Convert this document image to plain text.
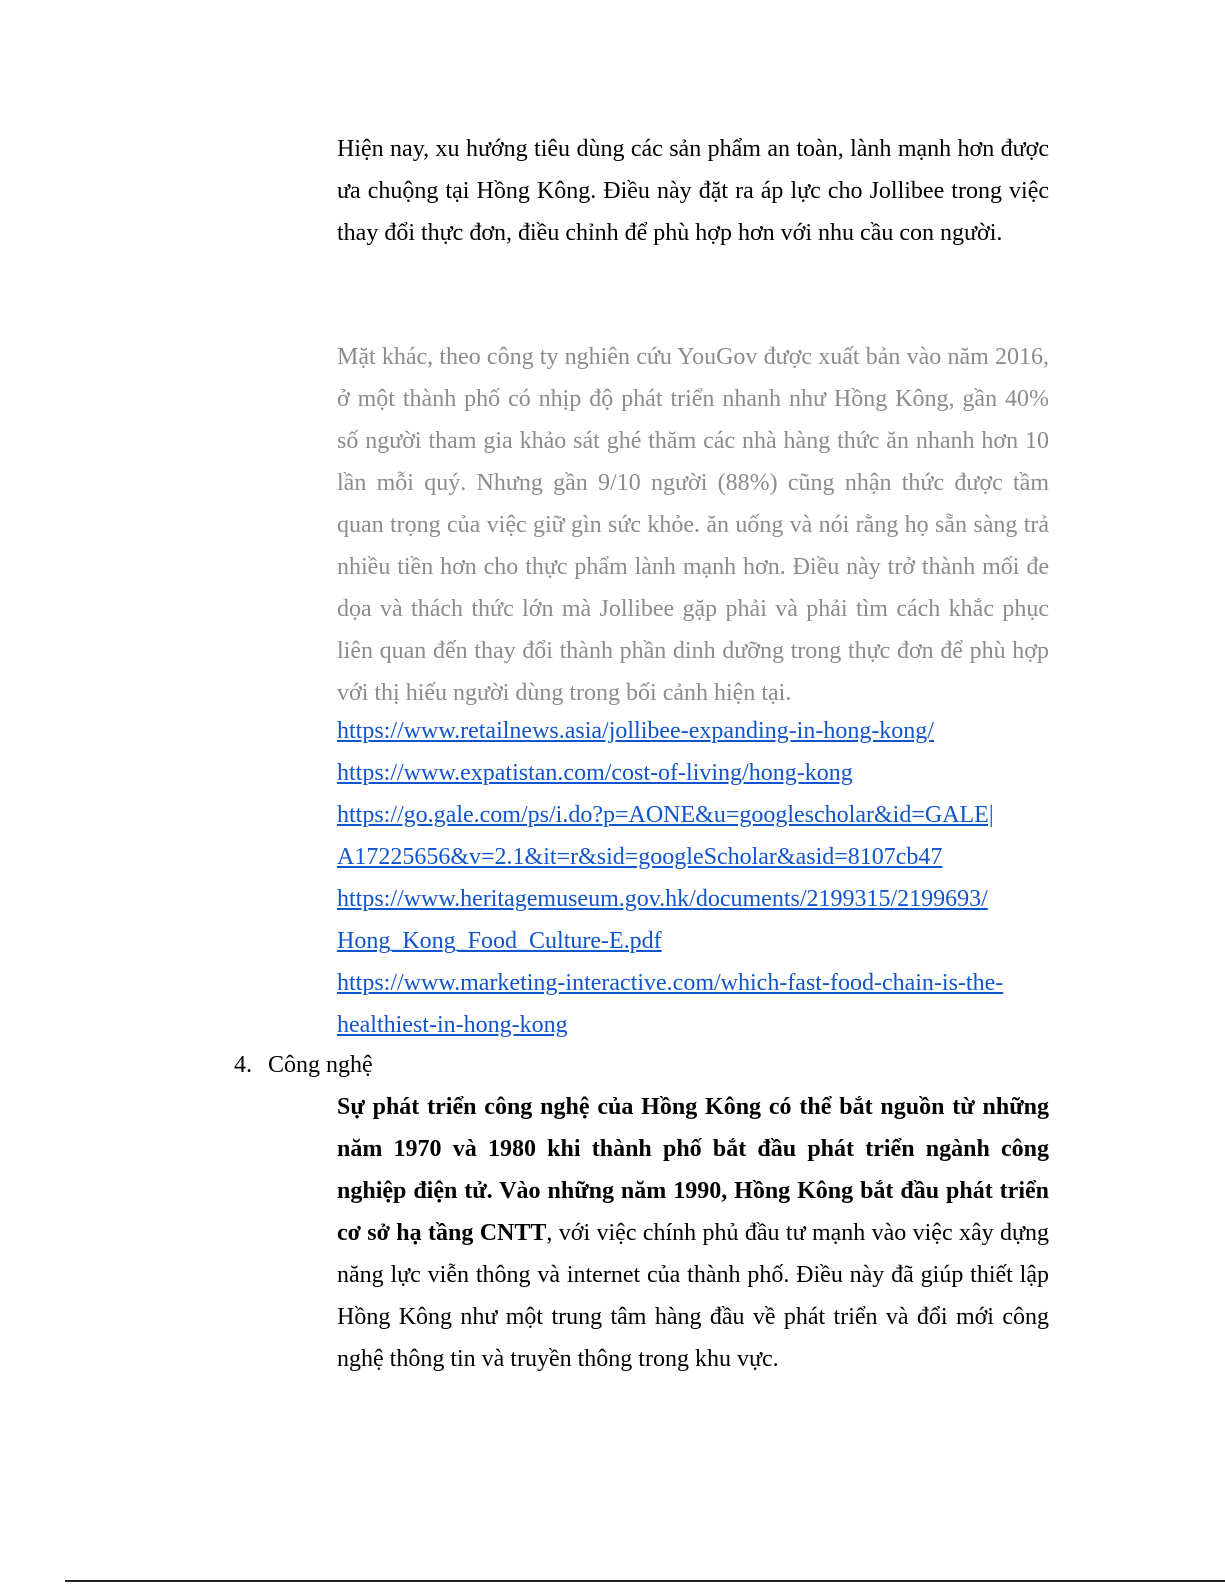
Hiện nay, xu hướng tiêu dùng các sản phẩm an toàn, lành mạnh hơn được ưa chuộng tại Hồng Kông. Điều này đặt ra áp lực cho Jollibee trong việc thay đổi thực đơn, điều chỉnh để phù hợp hơn với nhu cầu con người.

Mặt khác, theo công ty nghiên cứu YouGov được xuất bản vào năm 2016, ở một thành phố có nhịp độ phát triển nhanh như Hồng Kông, gần 40% số người tham gia khảo sát ghé thăm các nhà hàng thức ăn nhanh hơn 10 lần mỗi quý. Nhưng gần 9/10 người (88%) cũng nhận thức được tầm quan trọng của việc giữ gìn sức khỏe. ăn uống và nói rằng họ sẵn sàng trả nhiều tiền hơn cho thực phẩm lành mạnh hơn. Điều này trở thành mối đe dọa và thách thức lớn mà Jollibee gặp phải và phải tìm cách khắc phục liên quan đến thay đổi thành phần dinh dưỡng trong thực đơn để phù hợp với thị hiếu người dùng trong bối cảnh hiện tại.

https://www.retailnews.asia/jollibee-expanding-in-hong-kong/
https://www.expatistan.com/cost-of-living/hong-kong
https://go.gale.com/ps/i.do?p=AONE&u=googlescholar&id=GALE|
A17225656&v=2.1&it=r&sid=googleScholar&asid=8107cb47
https://www.heritagemuseum.gov.hk/documents/2199315/2199693/
Hong_Kong_Food_Culture-E.pdf
https://www.marketing-interactive.com/which-fast-food-chain-is-the-
healthiest-in-hong-kong
4. Công nghệ

Sự phát triển công nghệ của Hồng Kông có thể bắt nguồn từ những năm 1970 và 1980 khi thành phố bắt đầu phát triển ngành công nghiệp điện tử. Vào những năm 1990, Hồng Kông bắt đầu phát triển cơ sở hạ tầng CNTT, với việc chính phủ đầu tư mạnh vào việc xây dựng năng lực viễn thông và internet của thành phố. Điều này đã giúp thiết lập Hồng Kông như một trung tâm hàng đầu về phát triển và đổi mới công nghệ thông tin và truyền thông trong khu vực.
